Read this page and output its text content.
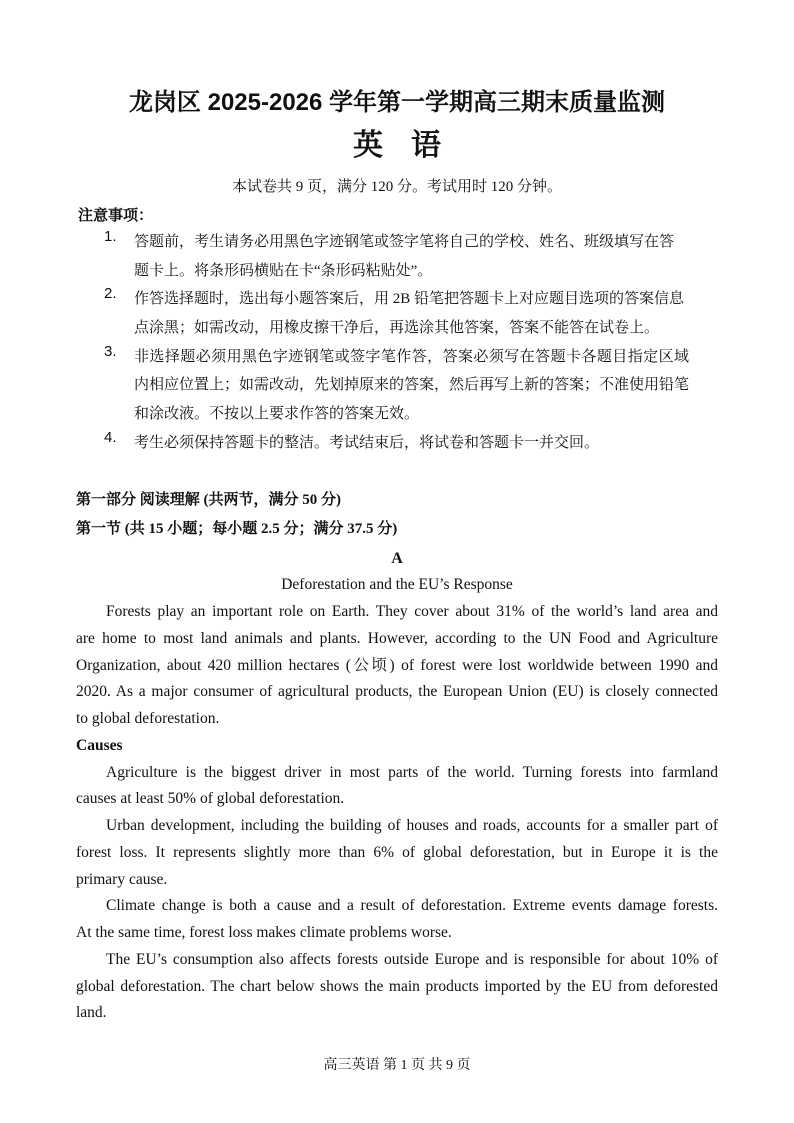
龙岗区 2025-2026 学年第一学期高三期末质量监测
英语
本试卷共 9 页，满分 120 分。考试用时 120 分钟。
注意事项：
1.	答题前，考生请务必用黑色字迹钢笔或签字笔将自己的学校、姓名、班级填写在答
题卡上。将条形码横贴在卡“条形码粘贴处”。
2.	作答选择题时，选出每小题答案后，用 2B 铅笔把答题卡上对应题目选项的答案信息
点涂黑；如需改动，用橡皮擦干净后，再选涂其他答案，答案不能答在试卷上。
3.	非选择题必须用黑色字迹钢笔或签字笔作答，答案必须写在答题卡各题目指定区域
内相应位置上；如需改动，先划掉原来的答案，然后再写上新的答案；不准使用铅笔
和涂改液。不按以上要求作答的答案无效。
4.	考生必须保持答题卡的整洁。考试结束后，将试卷和答题卡一并交回。
第一部分 阅读理解 (共两节，满分 50 分)
第一节 (共 15 小题；每小题 2.5 分；满分 37.5 分)
A
Deforestation and the EU’s Response
Forests play an important role on Earth. They cover about 31% of the world’s land area and
are home to most land animals and plants. However, according to the UN Food and Agriculture
Organization, about 420 million hectares (公顷) of forest were lost worldwide between 1990 and
2020. As a major consumer of agricultural products, the European Union (EU) is closely connected
to global deforestation.
Causes
Agriculture is the biggest driver in most parts of the world. Turning forests into farmland
causes at least 50% of global deforestation.
Urban development, including the building of houses and roads, accounts for a smaller part of
forest loss. It represents slightly more than 6% of global deforestation, but in Europe it is the
primary cause.
Climate change is both a cause and a result of deforestation. Extreme events damage forests.
At the same time, forest loss makes climate problems worse.
The EU’s consumption also affects forests outside Europe and is responsible for about 10% of
global deforestation. The chart below shows the main products imported by the EU from deforested
land.
高三英语 第 1 页 共 9 页
